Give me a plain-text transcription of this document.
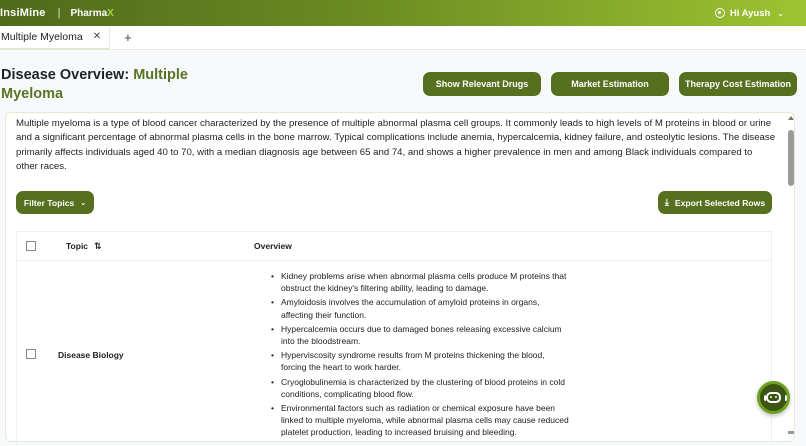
InsiMine | PharmaX	Hi Ayush ⌄
Multiple Myeloma ✕ +
Disease Overview: Multiple Myeloma
Show Relevant Drugs	Market Estimation	Therapy Cost Estimation

Multiple myeloma is a type of blood cancer characterized by the presence of multiple abnormal plasma cell groups. It commonly leads to high levels of M proteins in blood or urine and a significant percentage of abnormal plasma cells in the bone marrow. Typical complications include anemia, hypercalcemia, kidney failure, and osteolytic lesions. The disease primarily affects individuals aged 40 to 70, with a median diagnosis age between 65 and 74, and shows a higher prevalence in men and among Black individuals compared to other races.

Filter Topics ⌄	⤓ Export Selected Rows
Topic ⇅	Overview
Disease Biology
• Kidney problems arise when abnormal plasma cells produce M proteins that obstruct the kidney's filtering ability, leading to damage.
• Amyloidosis involves the accumulation of amyloid proteins in organs, affecting their function.
• Hypercalcemia occurs due to damaged bones releasing excessive calcium into the bloodstream.
• Hyperviscosity syndrome results from M proteins thickening the blood, forcing the heart to work harder.
• Cryoglobulinemia is characterized by the clustering of blood proteins in cold conditions, complicating blood flow.
• Environmental factors such as radiation or chemical exposure have been linked to multiple myeloma, while abnormal plasma cells may cause reduced platelet production, leading to increased bruising and bleeding.
